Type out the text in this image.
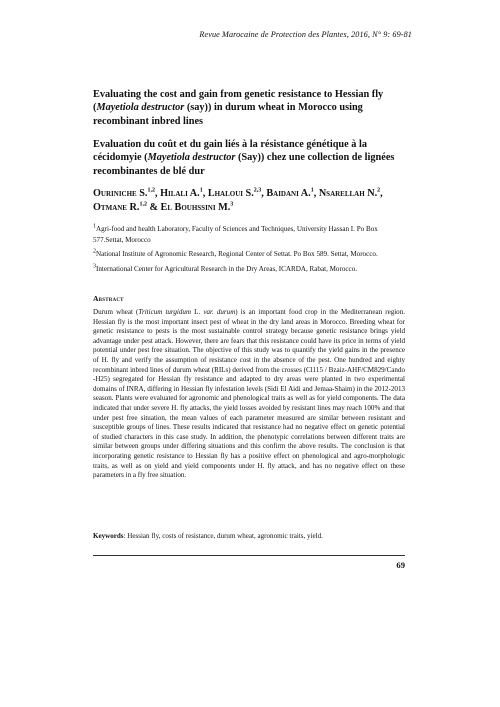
Revue Marocaine de Protection des Plantes, 2016, N° 9: 69-81
Evaluating the cost and gain from genetic resistance to Hessian fly (Mayetiola destructor (say)) in durum wheat in Morocco using recombinant inbred lines
Evaluation du coût et du gain liés à la résistance génétique à la cécidomyie (Mayetiola destructor (Say)) chez une collection de lignées recombinantes de blé dur
Ouriniche S.$^{1,2}$, Hilali A.$^1$, Lhaloui S.$^{2,3}$, Baidani A.$^1$, Nsarellah N.$^2$, Otmane R.$^{1,2}$ & El Bouhssini M.$^3$

$^1$Agri-food and health Laboratory, Faculty of Sciences and Techniques, University Hassan I. Po Box 577.Settat, Morocco

$^2$National Institute of Agronomic Research, Regional Center of Settat. Po Box 589. Settat, Morocco.

$^3$International Center for Agricultural Research in the Dry Areas, ICARDA, Rabat, Morocco.

Abstract
Durum wheat (Triticum turgidum L. var. durum) is an important food crop in the Mediterranean region. Hessian fly is the most important insect pest of wheat in the dry land areas in Morocco. Breeding wheat for genetic resistance to pests is the most sustainable control strategy because genetic resistance brings yield advantage under pest attack. However, there are fears that this resistance could have its price in terms of yield potential under pest free situation. The objective of this study was to quantify the yield gains in the presence of H. fly and verify the assumption of resistance cost in the absence of the pest. One hundred and eighty recombinant inbred lines of durum wheat (RILs) derived from the crosses (Cl115 / Bzaiz-AHF/CM829/Cando -H25) segregated for Hessian fly resistance and adapted to dry areas were planted in two experimental domains of INRA, differing in Hessian fly infestation levels (Sidi El Aidi and Jemaa-Shaim) in the 2012-2013 season. Plants were evaluated for agronomic and phenological traits as well as for yield components. The data indicated that under severe H. fly attacks, the yield losses avoided by resistant lines may reach 100% and that under pest free situation, the mean values of each parameter measured are similar between resistant and susceptible groups of lines. These results indicated that resistance had no negative effect on genetic potential of studied characters in this case study. In addition, the phenotypic correlations between different traits are similar between groups under differing situations and this confirm the above results. The conclusion is that incorporating genetic resistance to Hessian fly has a positive effect on phenological and agro-morphologic traits, as well as on yield and yield components under H. fly attack, and has no negative effect on these parameters in a fly free situation.
Keywords: Hessian fly, costs of resistance, durum wheat, agronomic traits, yield.
69
